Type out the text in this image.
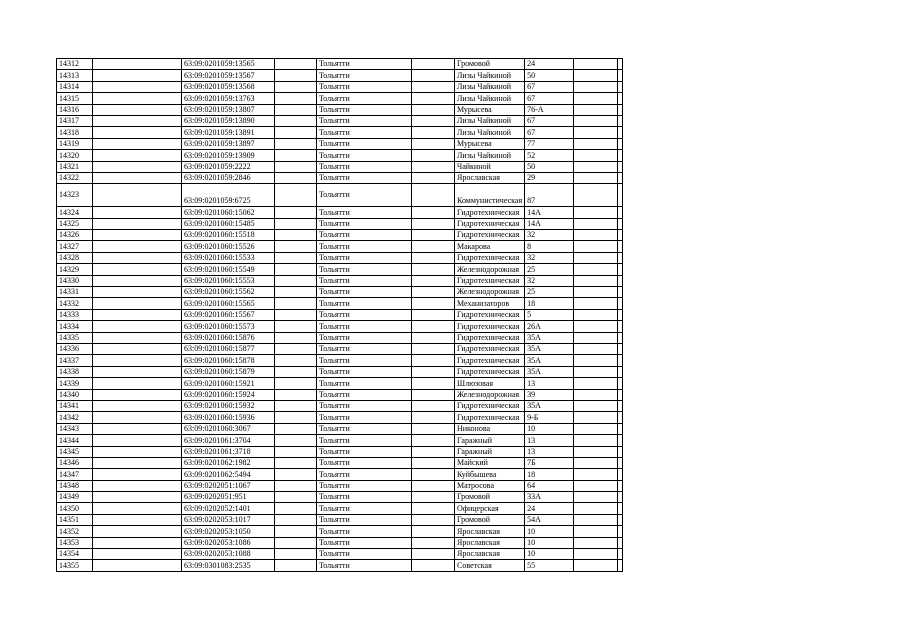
14312		63:09:0201059:13565		Тольятти		Громовой	24		
14313		63:09:0201059:13567		Тольятти		Лизы Чайкиной	50		
14314		63:09:0201059:13568		Тольятти		Лизы Чайкиной	67		
14315		63:09:0201059:13763		Тольятти		Лизы Чайкиной	67		
14316		63:09:0201059:13807		Тольятти		Мурысева	76-А		
14317		63:09:0201059:13890		Тольятти		Лизы Чайкиной	67		
14318		63:09:0201059:13891		Тольятти		Лизы Чайкиной	67		
14319		63:09:0201059:13897		Тольятти		Мурысева	77		
14320		63:09:0201059:13909		Тольятти		Лизы Чайкиной	52		
14321		63:09:0201059:2222		Тольятти		Чайкиной	50		
14322		63:09:0201059:2846		Тольятти		Ярославская	29		
14323		63:09:0201059:6725		Тольятти		Коммунистическая	87		
14324		63:09:0201060:15062		Тольятти		Гидротехническая	14А		
14325		63:09:0201060:15485		Тольятти		Гидротехническая	14А		
14326		63:09:0201060:15518		Тольятти		Гидротехническая	32		
14327		63:09:0201060:15526		Тольятти		Макарова	8		
14328		63:09:0201060:15533		Тольятти		Гидротехническая	32		
14329		63:09:0201060:15549		Тольятти		Железнодорожная	25		
14330		63:09:0201060:15553		Тольятти		Гидротехническая	32		
14331		63:09:0201060:15562		Тольятти		Железнодорожная	25		
14332		63:09:0201060:15565		Тольятти		Механизаторов	18		
14333		63:09:0201060:15567		Тольятти		Гидротехническая	5		
14334		63:09:0201060:15573		Тольятти		Гидротехническая	26А		
14335		63:09:0201060:15876		Тольятти		Гидротехническая	35А		
14336		63:09:0201060:15877		Тольятти		Гидротехническая	35А		
14337		63:09:0201060:15878		Тольятти		Гидротехническая	35А		
14338		63:09:0201060:15879		Тольятти		Гидротехническая	35А		
14339		63:09:0201060:15921		Тольятти		Шлюзовая	13		
14340		63:09:0201060:15924		Тольятти		Железнодорожная	39		
14341		63:09:0201060:15932		Тольятти		Гидротехническая	35А		
14342		63:09:0201060:15936		Тольятти		Гидротехническая	9-Б		
14343		63:09:0201060:3067		Тольятти		Никонова	10		
14344		63:09:0201061:3704		Тольятти		Гаражный	13		
14345		63:09:0201061:3718		Тольятти		Гаражный	13		
14346		63:09:0201062:1982		Тольятти		Майский	7Б		
14347		63:09:0201062:5494		Тольятти		Куйбышева	18		
14348		63:09:0202051:1067		Тольятти		Матросова	64		
14349		63:09:0202051:951		Тольятти		Громовой	33А		
14350		63:09:0202052:1401		Тольятти		Офицерская	24		
14351		63:09:0202053:1017		Тольятти		Громовой	54А		
14352		63:09:0202053:1050		Тольятти		Ярославская	10		
14353		63:09:0202053:1086		Тольятти		Ярославская	10		
14354		63:09:0202053:1088		Тольятти		Ярославская	10		
14355		63:09:0301083:2535		Тольятти		Советская	55		
